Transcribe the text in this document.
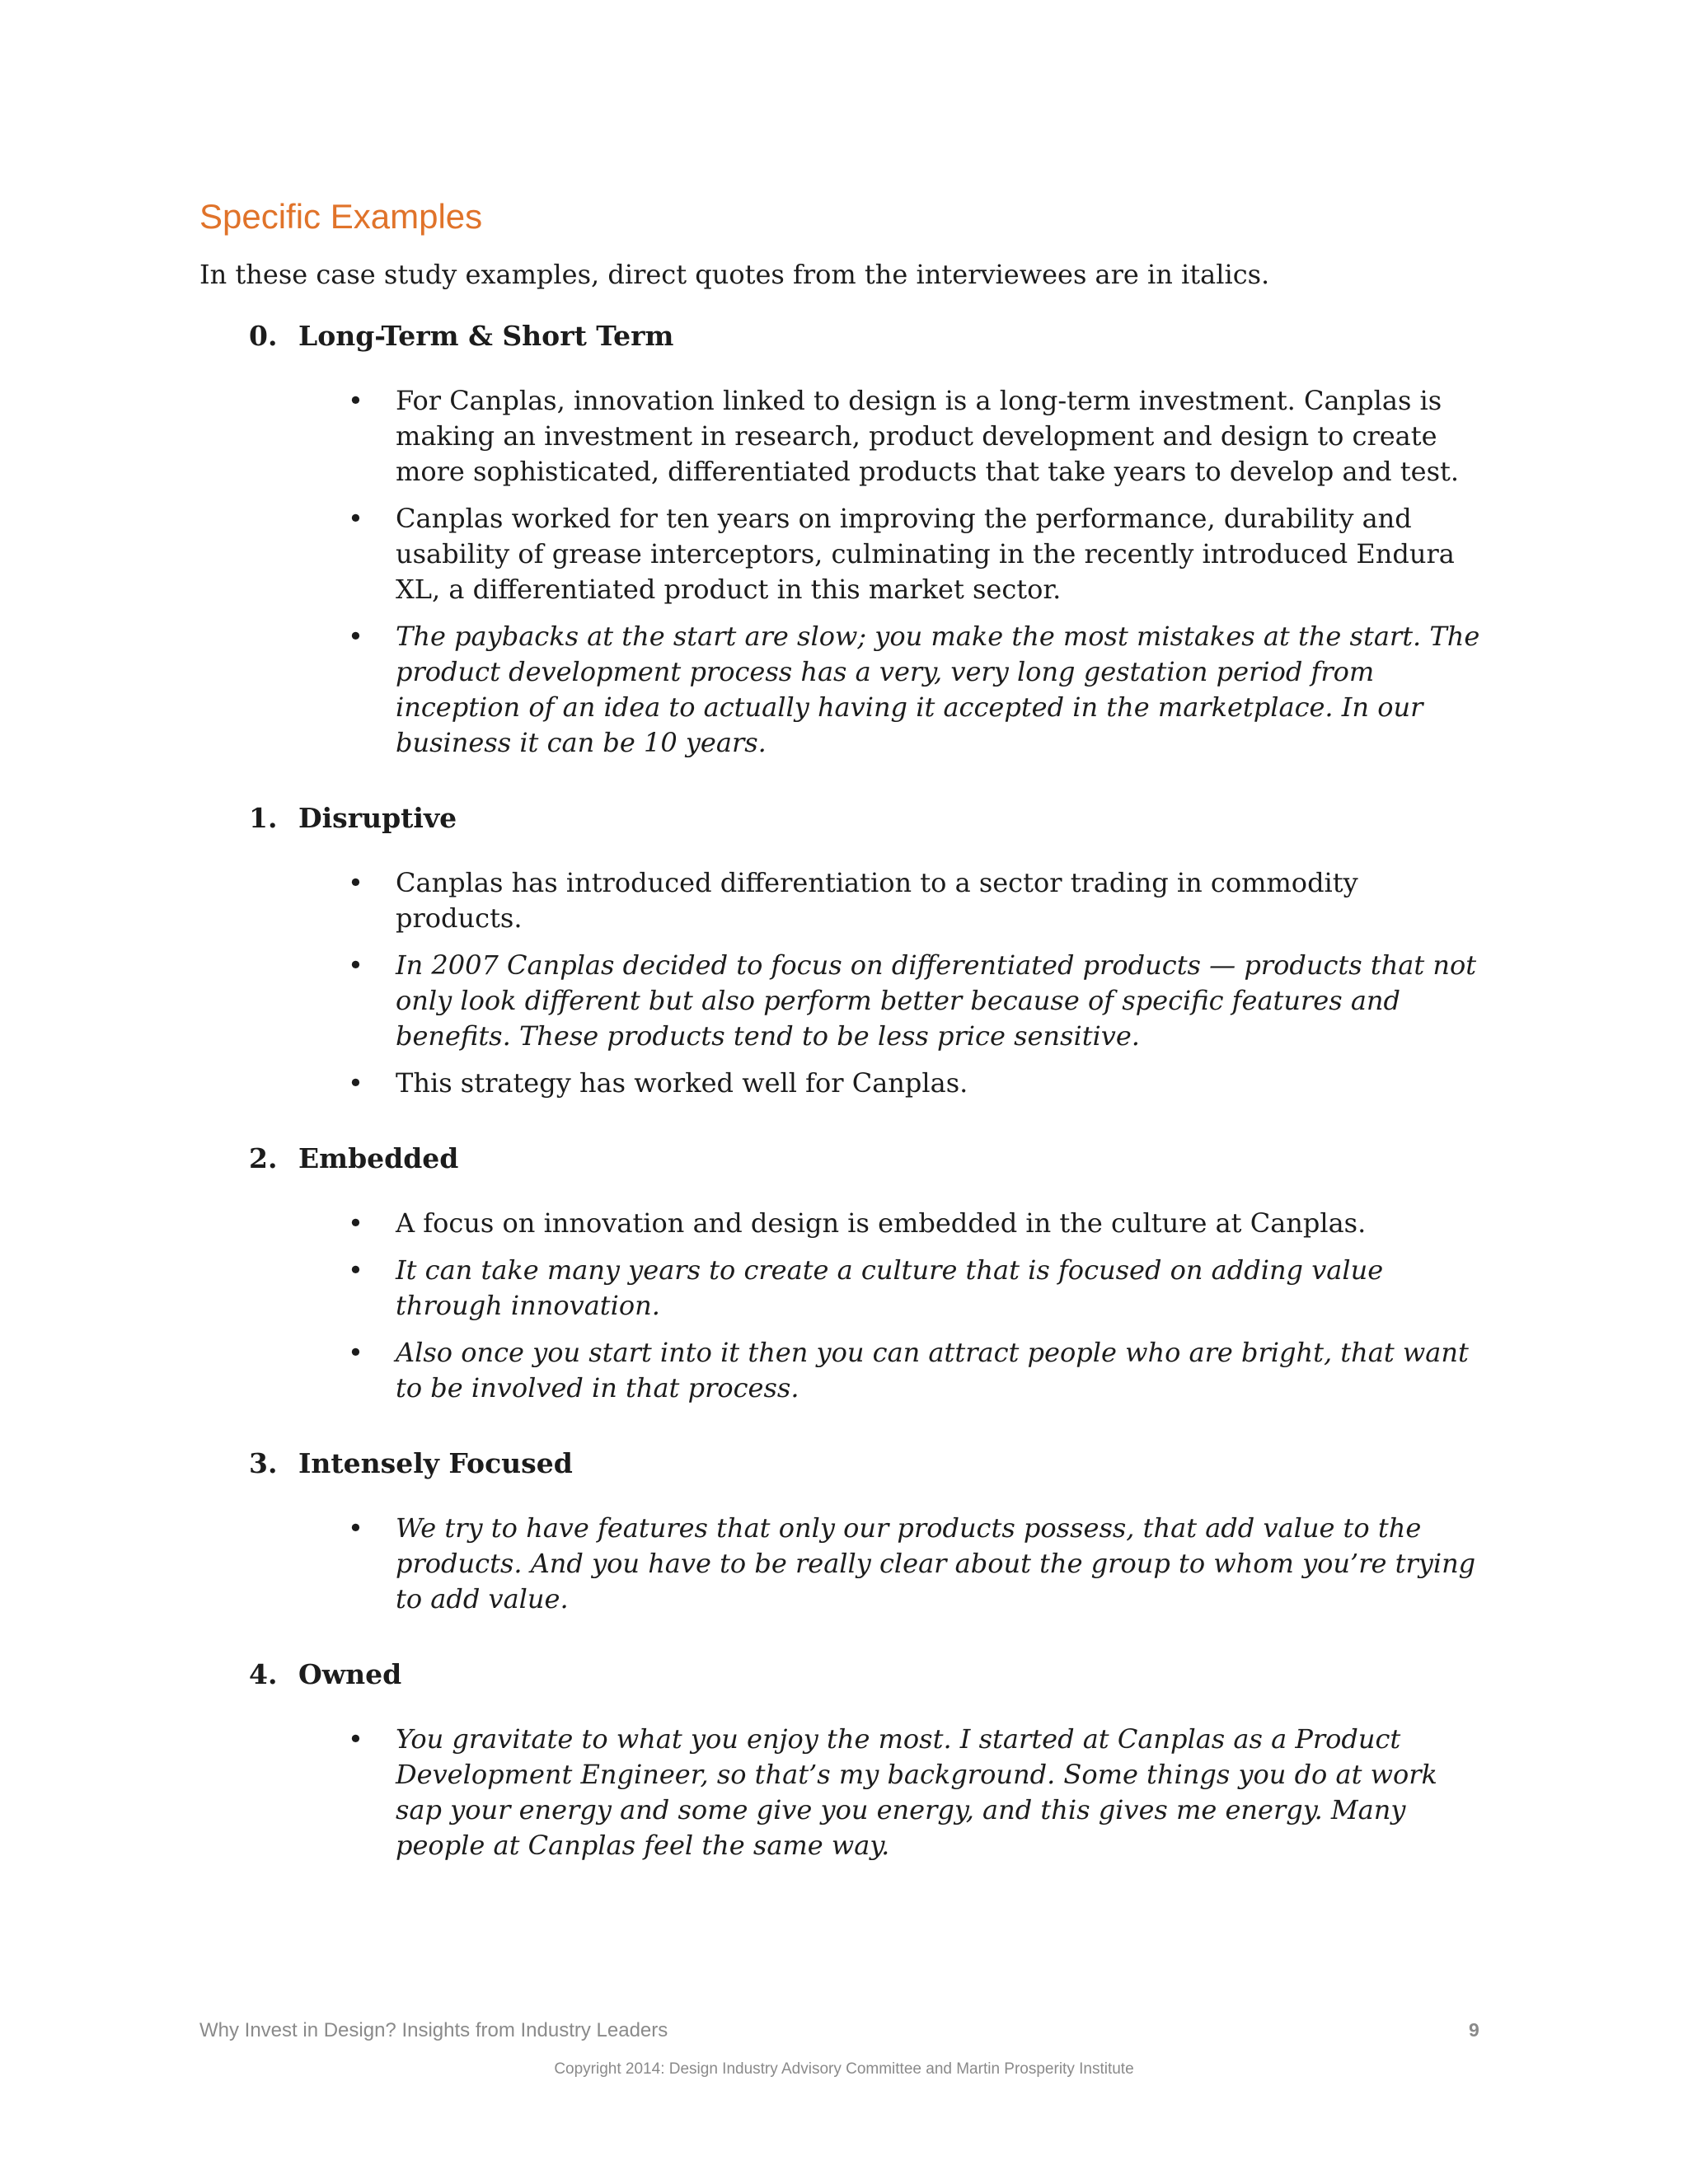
Specific Examples

In these case study examples, direct quotes from the interviewees are in italics.

0. Long-Term & Short Term
• For Canplas, innovation linked to design is a long-term investment. Canplas is making an investment in research, product development and design to create more sophisticated, differentiated products that take years to develop and test.
• Canplas worked for ten years on improving the performance, durability and usability of grease interceptors, culminating in the recently introduced Endura XL, a differentiated product in this market sector.
• The paybacks at the start are slow; you make the most mistakes at the start. The product development process has a very, very long gestation period from inception of an idea to actually having it accepted in the marketplace. In our business it can be 10 years.
1. Disruptive
• Canplas has introduced differentiation to a sector trading in commodity products.
• In 2007 Canplas decided to focus on differentiated products — products that not only look different but also perform better because of specific features and benefits. These products tend to be less price sensitive.
• This strategy has worked well for Canplas.
2. Embedded
• A focus on innovation and design is embedded in the culture at Canplas.
• It can take many years to create a culture that is focused on adding value through innovation.
• Also once you start into it then you can attract people who are bright, that want to be involved in that process.
3. Intensely Focused
• We try to have features that only our products possess, that add value to the products. And you have to be really clear about the group to whom you’re trying to add value.
4. Owned
• You gravitate to what you enjoy the most. I started at Canplas as a Product Development Engineer, so that’s my background. Some things you do at work sap your energy and some give you energy, and this gives me energy. Many people at Canplas feel the same way.
Why Invest in Design? Insights from Industry Leaders	9
Copyright 2014: Design Industry Advisory Committee and Martin Prosperity Institute
